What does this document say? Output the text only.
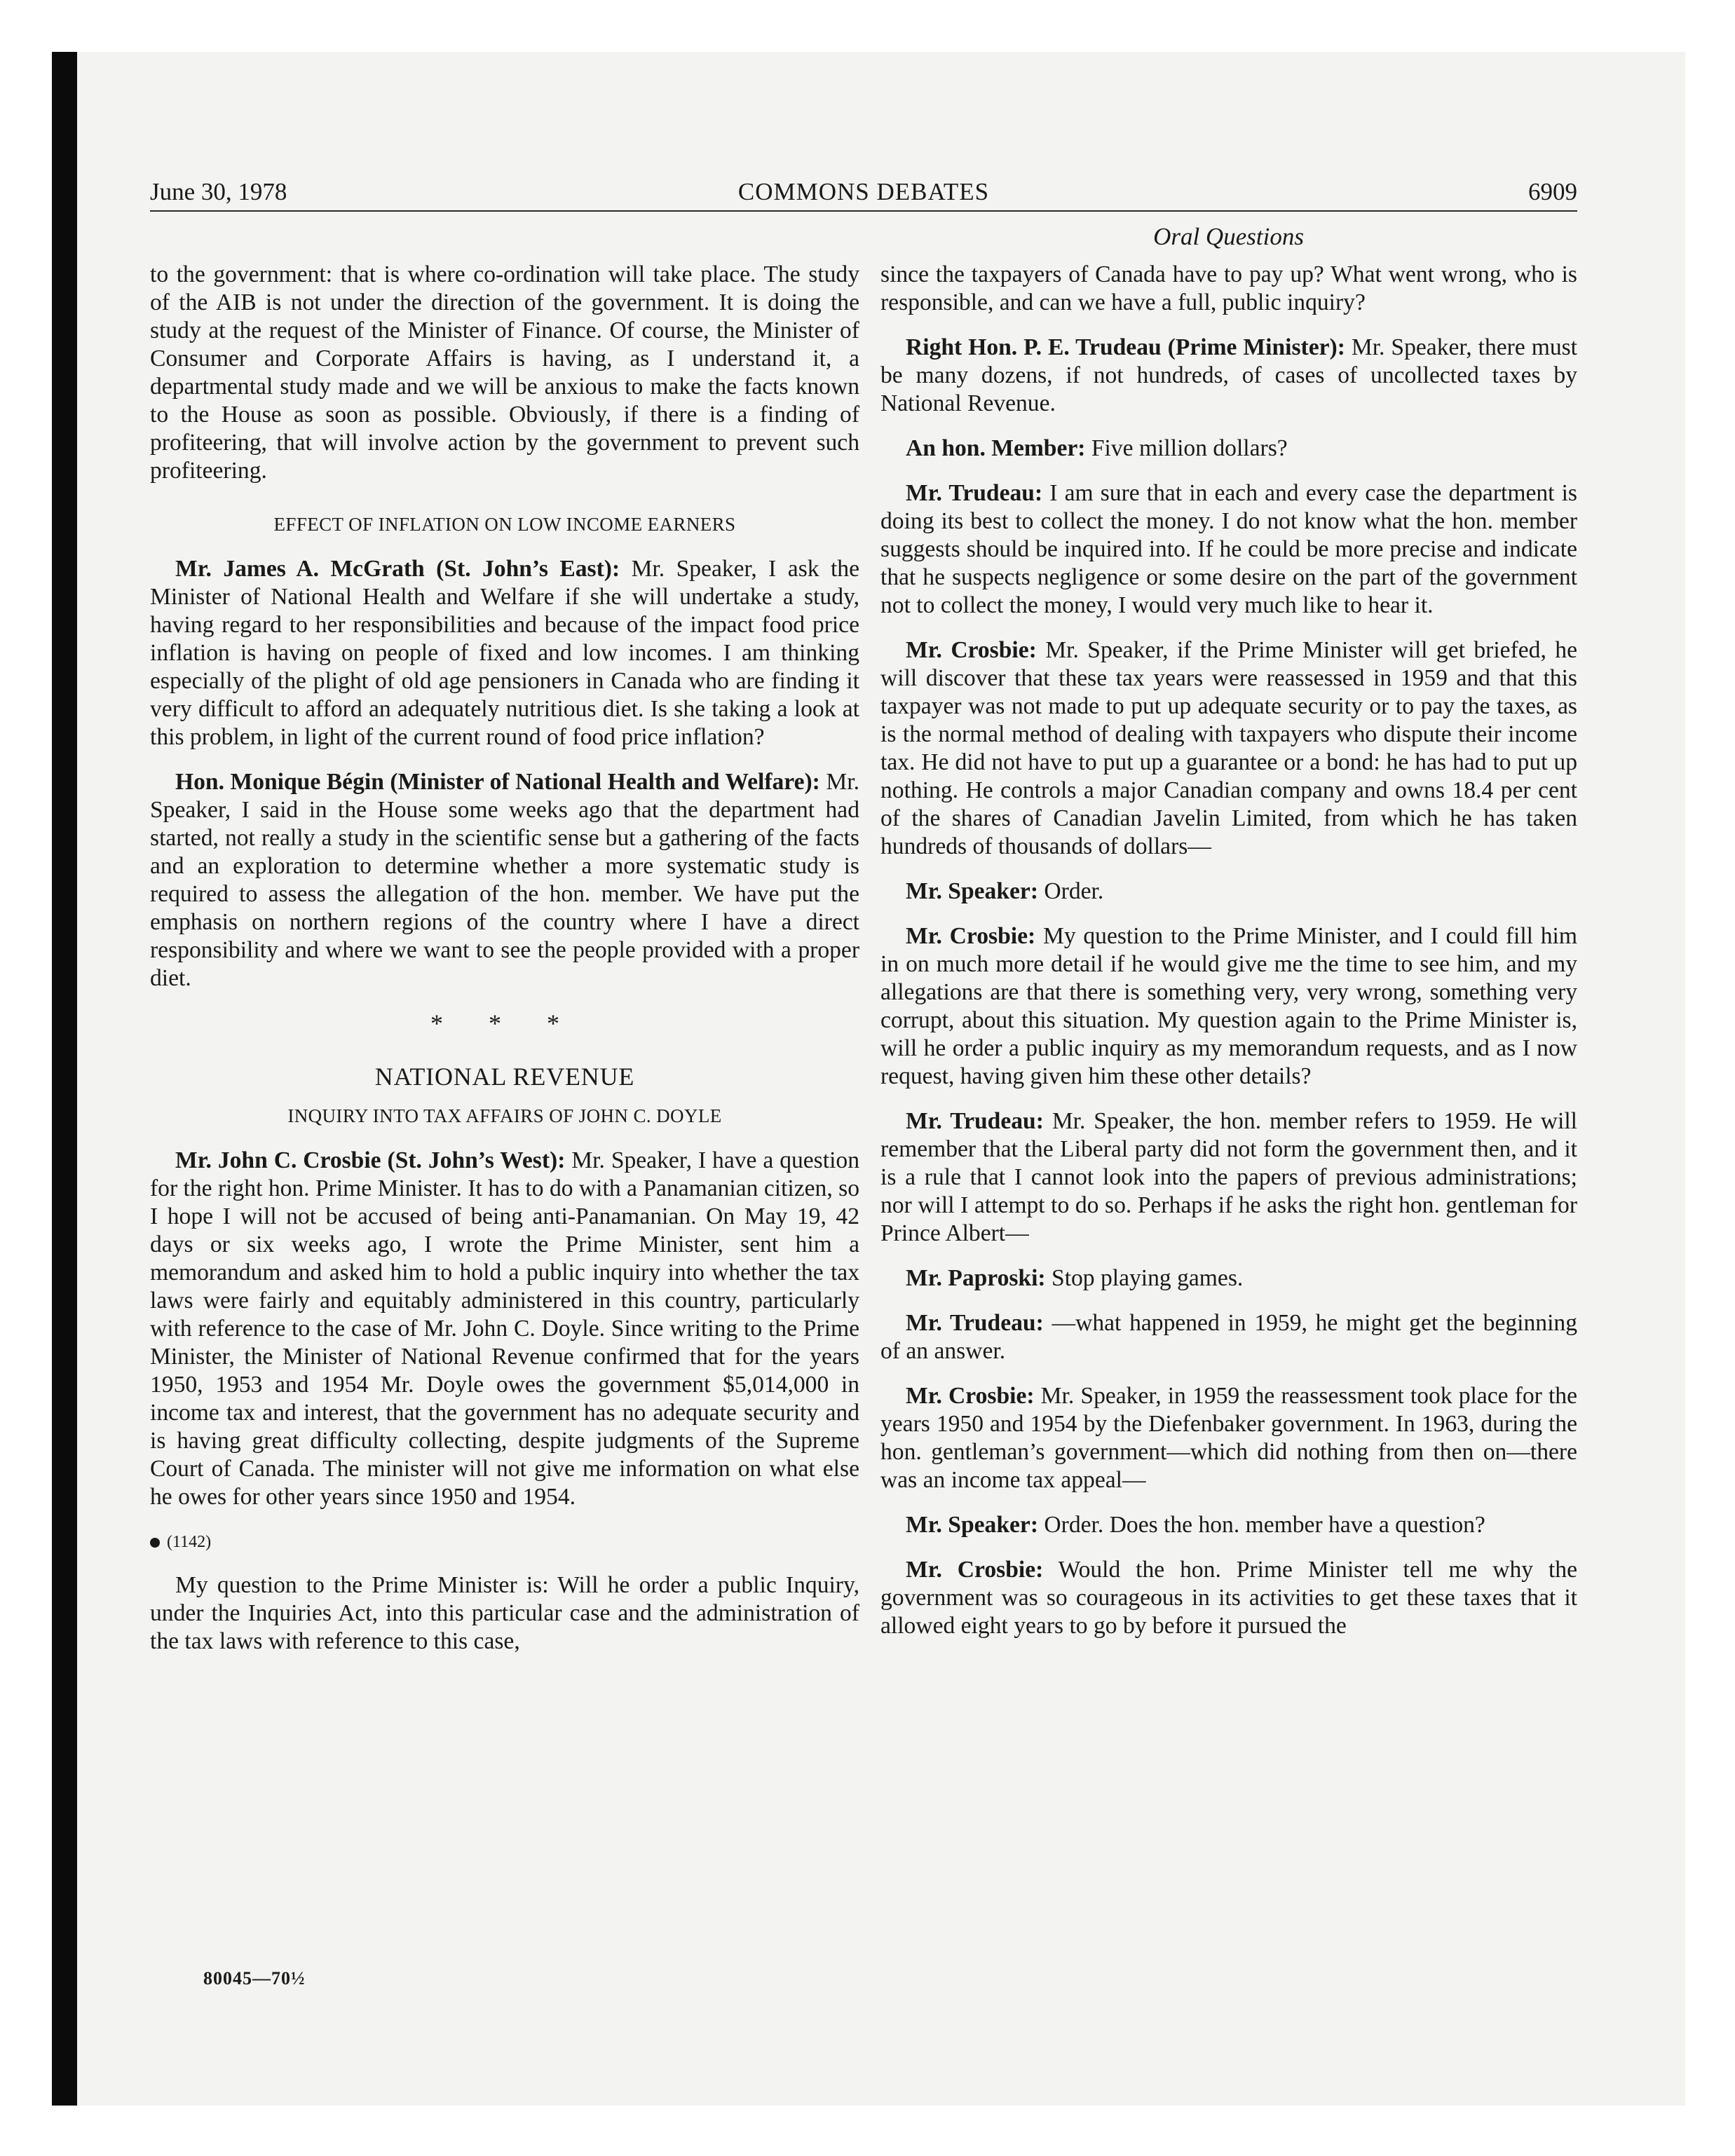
June 30, 1978	COMMONS DEBATES	6909
Oral Questions

to the government: that is where co-ordination will take place. The study of the AIB is not under the direction of the government. It is doing the study at the request of the Minister of Finance. Of course, the Minister of Consumer and Corporate Affairs is having, as I understand it, a departmental study made and we will be anxious to make the facts known to the House as soon as possible. Obviously, if there is a finding of profiteering, that will involve action by the government to prevent such profiteering.

EFFECT OF INFLATION ON LOW INCOME EARNERS

Mr. James A. McGrath (St. John’s East): Mr. Speaker, I ask the Minister of National Health and Welfare if she will undertake a study, having regard to her responsibilities and because of the impact food price inflation is having on people of fixed and low incomes. I am thinking especially of the plight of old age pensioners in Canada who are finding it very difficult to afford an adequately nutritious diet. Is she taking a look at this problem, in light of the current round of food price inflation?

Hon. Monique Bégin (Minister of National Health and Welfare): Mr. Speaker, I said in the House some weeks ago that the department had started, not really a study in the scientific sense but a gathering of the facts and an exploration to determine whether a more systematic study is required to assess the allegation of the hon. member. We have put the emphasis on northern regions of the country where I have a direct responsibility and where we want to see the people provided with a proper diet.

* * *
NATIONAL REVENUE
INQUIRY INTO TAX AFFAIRS OF JOHN C. DOYLE

Mr. John C. Crosbie (St. John’s West): Mr. Speaker, I have a question for the right hon. Prime Minister. It has to do with a Panamanian citizen, so I hope I will not be accused of being anti-Panamanian. On May 19, 42 days or six weeks ago, I wrote the Prime Minister, sent him a memorandum and asked him to hold a public inquiry into whether the tax laws were fairly and equitably administered in this country, particularly with reference to the case of Mr. John C. Doyle. Since writing to the Prime Minister, the Minister of National Revenue confirmed that for the years 1950, 1953 and 1954 Mr. Doyle owes the government $5,014,000 in income tax and interest, that the government has no adequate security and is having great difficulty collecting, despite judgments of the Supreme Court of Canada. The minister will not give me information on what else he owes for other years since 1950 and 1954.

(1142)

My question to the Prime Minister is: Will he order a public Inquiry, under the Inquiries Act, into this particular case and the administration of the tax laws with reference to this case,

since the taxpayers of Canada have to pay up? What went wrong, who is responsible, and can we have a full, public inquiry?

Right Hon. P. E. Trudeau (Prime Minister): Mr. Speaker, there must be many dozens, if not hundreds, of cases of uncollected taxes by National Revenue.

An hon. Member: Five million dollars?

Mr. Trudeau: I am sure that in each and every case the department is doing its best to collect the money. I do not know what the hon. member suggests should be inquired into. If he could be more precise and indicate that he suspects negligence or some desire on the part of the government not to collect the money, I would very much like to hear it.

Mr. Crosbie: Mr. Speaker, if the Prime Minister will get briefed, he will discover that these tax years were reassessed in 1959 and that this taxpayer was not made to put up adequate security or to pay the taxes, as is the normal method of dealing with taxpayers who dispute their income tax. He did not have to put up a guarantee or a bond: he has had to put up nothing. He controls a major Canadian company and owns 18.4 per cent of the shares of Canadian Javelin Limited, from which he has taken hundreds of thousands of dollars—

Mr. Speaker: Order.

Mr. Crosbie: My question to the Prime Minister, and I could fill him in on much more detail if he would give me the time to see him, and my allegations are that there is something very, very wrong, something very corrupt, about this situation. My question again to the Prime Minister is, will he order a public inquiry as my memorandum requests, and as I now request, having given him these other details?

Mr. Trudeau: Mr. Speaker, the hon. member refers to 1959. He will remember that the Liberal party did not form the government then, and it is a rule that I cannot look into the papers of previous administrations; nor will I attempt to do so. Perhaps if he asks the right hon. gentleman for Prince Albert—

Mr. Paproski: Stop playing games.

Mr. Trudeau: —what happened in 1959, he might get the beginning of an answer.

Mr. Crosbie: Mr. Speaker, in 1959 the reassessment took place for the years 1950 and 1954 by the Diefenbaker government. In 1963, during the hon. gentleman’s government—which did nothing from then on—there was an income tax appeal—

Mr. Speaker: Order. Does the hon. member have a question?

Mr. Crosbie: Would the hon. Prime Minister tell me why the government was so courageous in its activities to get these taxes that it allowed eight years to go by before it pursued the

80045—70½
